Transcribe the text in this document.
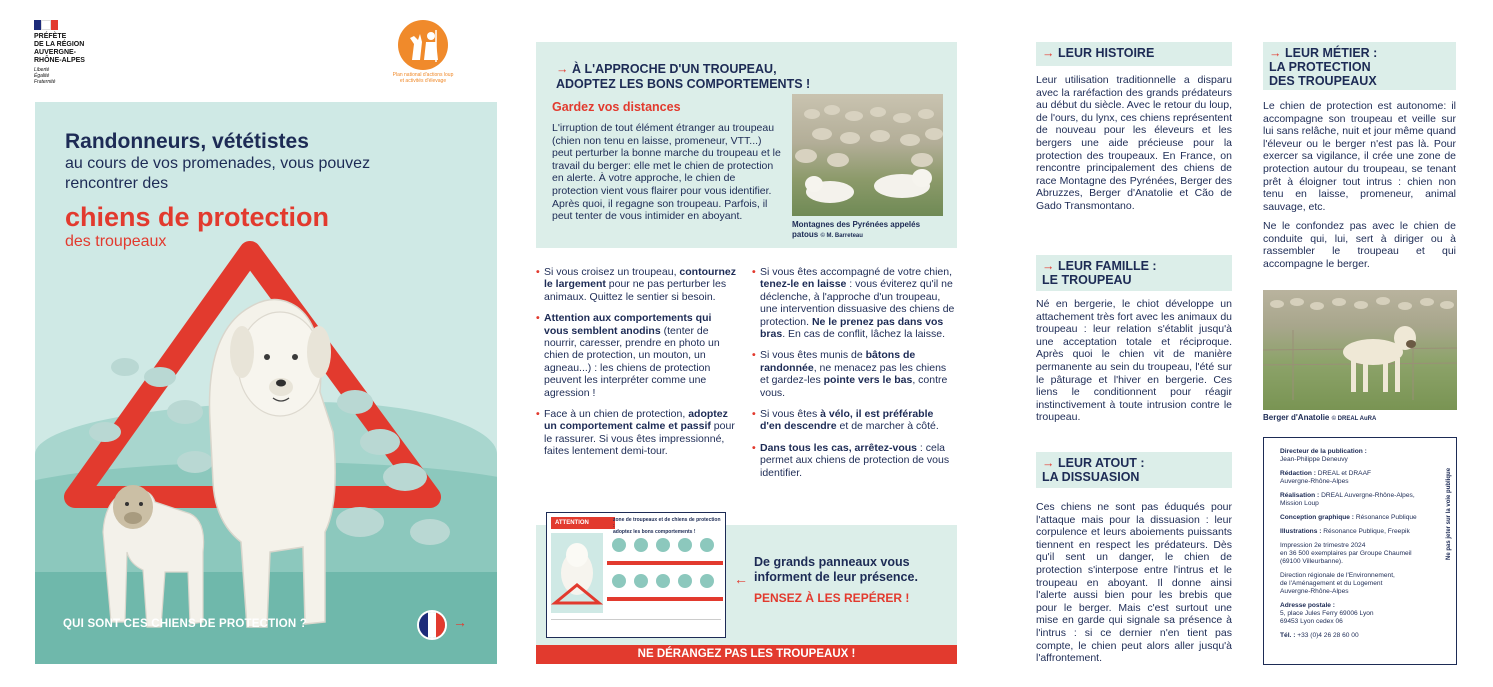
PRÉFÈTE
DE LA RÉGION
AUVERGNE-
RHÔNE-ALPES
Liberté
Égalité
Fraternité
Plan national d'actions loup
et activités d'élevage
Randonneurs, vététistes
au cours de vos promenades, vous pouvez rencontrer des
chiens de protection
des troupeaux
QUI SONT CES CHIENS DE PROTECTION ?	→
→ À L'APPROCHE D'UN TROUPEAU,
ADOPTEZ LES BONS COMPORTEMENTS !
Gardez vos distances
L'irruption de tout élément étranger au troupeau (chien non tenu en laisse, promeneur, VTT...) peut perturber la bonne marche du troupeau et le travail du berger: elle met le chien de protection en alerte. À votre approche, le chien de protection vient vous flairer pour vous identifier. Après quoi, il regagne son troupeau. Parfois, il peut tenter de vous intimider en aboyant.
Montagnes des Pyrénées appelés patous © M. Barreteau
• Si vous croisez un troupeau, contournez le largement pour ne pas perturber les animaux. Quittez le sentier si besoin.
• Attention aux comportements qui vous semblent anodins (tenter de nourrir, caresser, prendre en photo un chien de protection, un mouton, un agneau...) : les chiens de protection peuvent les interpréter comme une agression !
• Face à un chien de protection, adoptez un comportement calme et passif pour le rassurer. Si vous êtes impressionné, faites lentement demi-tour.
• Si vous êtes accompagné de votre chien, tenez-le en laisse : vous éviterez qu'il ne déclenche, à l'approche d'un troupeau, une intervention dissuasive des chiens de protection. Ne le prenez pas dans vos bras. En cas de conflit, lâchez la laisse.
• Si vous êtes munis de bâtons de randonnée, ne menacez pas les chiens et gardez-les pointe vers le bas, contre vous.
• Si vous êtes à vélo, il est préférable d'en descendre et de marcher à côté.
• Dans tous les cas, arrêtez-vous : cela permet aux chiens de protection de vous identifier.
ATTENTION ICI zone de troupeaux et de chiens de protection :
adoptez les bons comportements !
←
De grands panneaux vous
informent de leur présence.
PENSEZ À LES REPÉRER !
NE DÉRANGEZ PAS LES TROUPEAUX !
→ LEUR HISTOIRE
Leur utilisation traditionnelle a disparu avec la raréfaction des grands prédateurs au début du siècle. Avec le retour du loup, de l'ours, du lynx, ces chiens représentent de nouveau pour les éleveurs et les bergers une aide précieuse pour la protection des troupeaux. En France, on rencontre principalement des chiens de race Montagne des Pyrénées, Berger des Abruzzes, Berger d'Anatolie et Cão de Gado Transmontano.
→ LEUR FAMILLE :
LE TROUPEAU
Né en bergerie, le chiot développe un attachement très fort avec les animaux du troupeau : leur relation s'établit jusqu'à une acceptation totale et réciproque. Après quoi le chien vit de manière permanente au sein du troupeau, l'été sur le pâturage et l'hiver en bergerie. Ces liens le conditionnent pour réagir instinctivement à toute intrusion contre le troupeau.
→ LEUR ATOUT :
LA DISSUASION
Ces chiens ne sont pas éduqués pour l'attaque mais pour la dissuasion : leur corpulence et leurs aboiements puissants tiennent en respect les prédateurs. Dès qu'il sent un danger, le chien de protection s'interpose entre l'intrus et le troupeau en aboyant. Il donne ainsi l'alerte aussi bien pour les brebis que pour le berger. Mais c'est surtout une mise en garde qui signale sa présence à l'intrus : si ce dernier n'en tient pas compte, le chien peut alors aller jusqu'à l'affrontement.
→ LEUR MÉTIER :
LA PROTECTION
DES TROUPEAUX
Le chien de protection est autonome: il accompagne son troupeau et veille sur lui sans relâche, nuit et jour même quand l'éleveur ou le berger n'est pas là. Pour exercer sa vigilance, il crée une zone de protection autour du troupeau, se tenant prêt à éloigner tout intrus : chien non tenu en laisse, promeneur, animal sauvage, etc.
Ne le confondez pas avec le chien de conduite qui, lui, sert à diriger ou à rassembler le troupeau et qui accompagne le berger.
Berger d'Anatolie © DREAL AuRA
Directeur de la publication :
Jean-Philippe Deneuvy
Rédaction : DREAL et DRAAF
Auvergne-Rhône-Alpes
Réalisation : DREAL Auvergne-Rhône-Alpes,
Mission Loup
Conception graphique : Résonance Publique
Illustrations : Résonance Publique, Freepik
Impression 2e trimestre 2024
en 36 500 exemplaires par Groupe Chaumeil
(69100 Villeurbanne).
Direction régionale de l'Environnement,
de l'Aménagement et du Logement
Auvergne-Rhône-Alpes
Adresse postale :
5, place Jules Ferry 69006 Lyon
69453 Lyon cedex 06
Tél. : +33 (0)4 26 28 60 00
Ne pas jeter sur la voie publique
